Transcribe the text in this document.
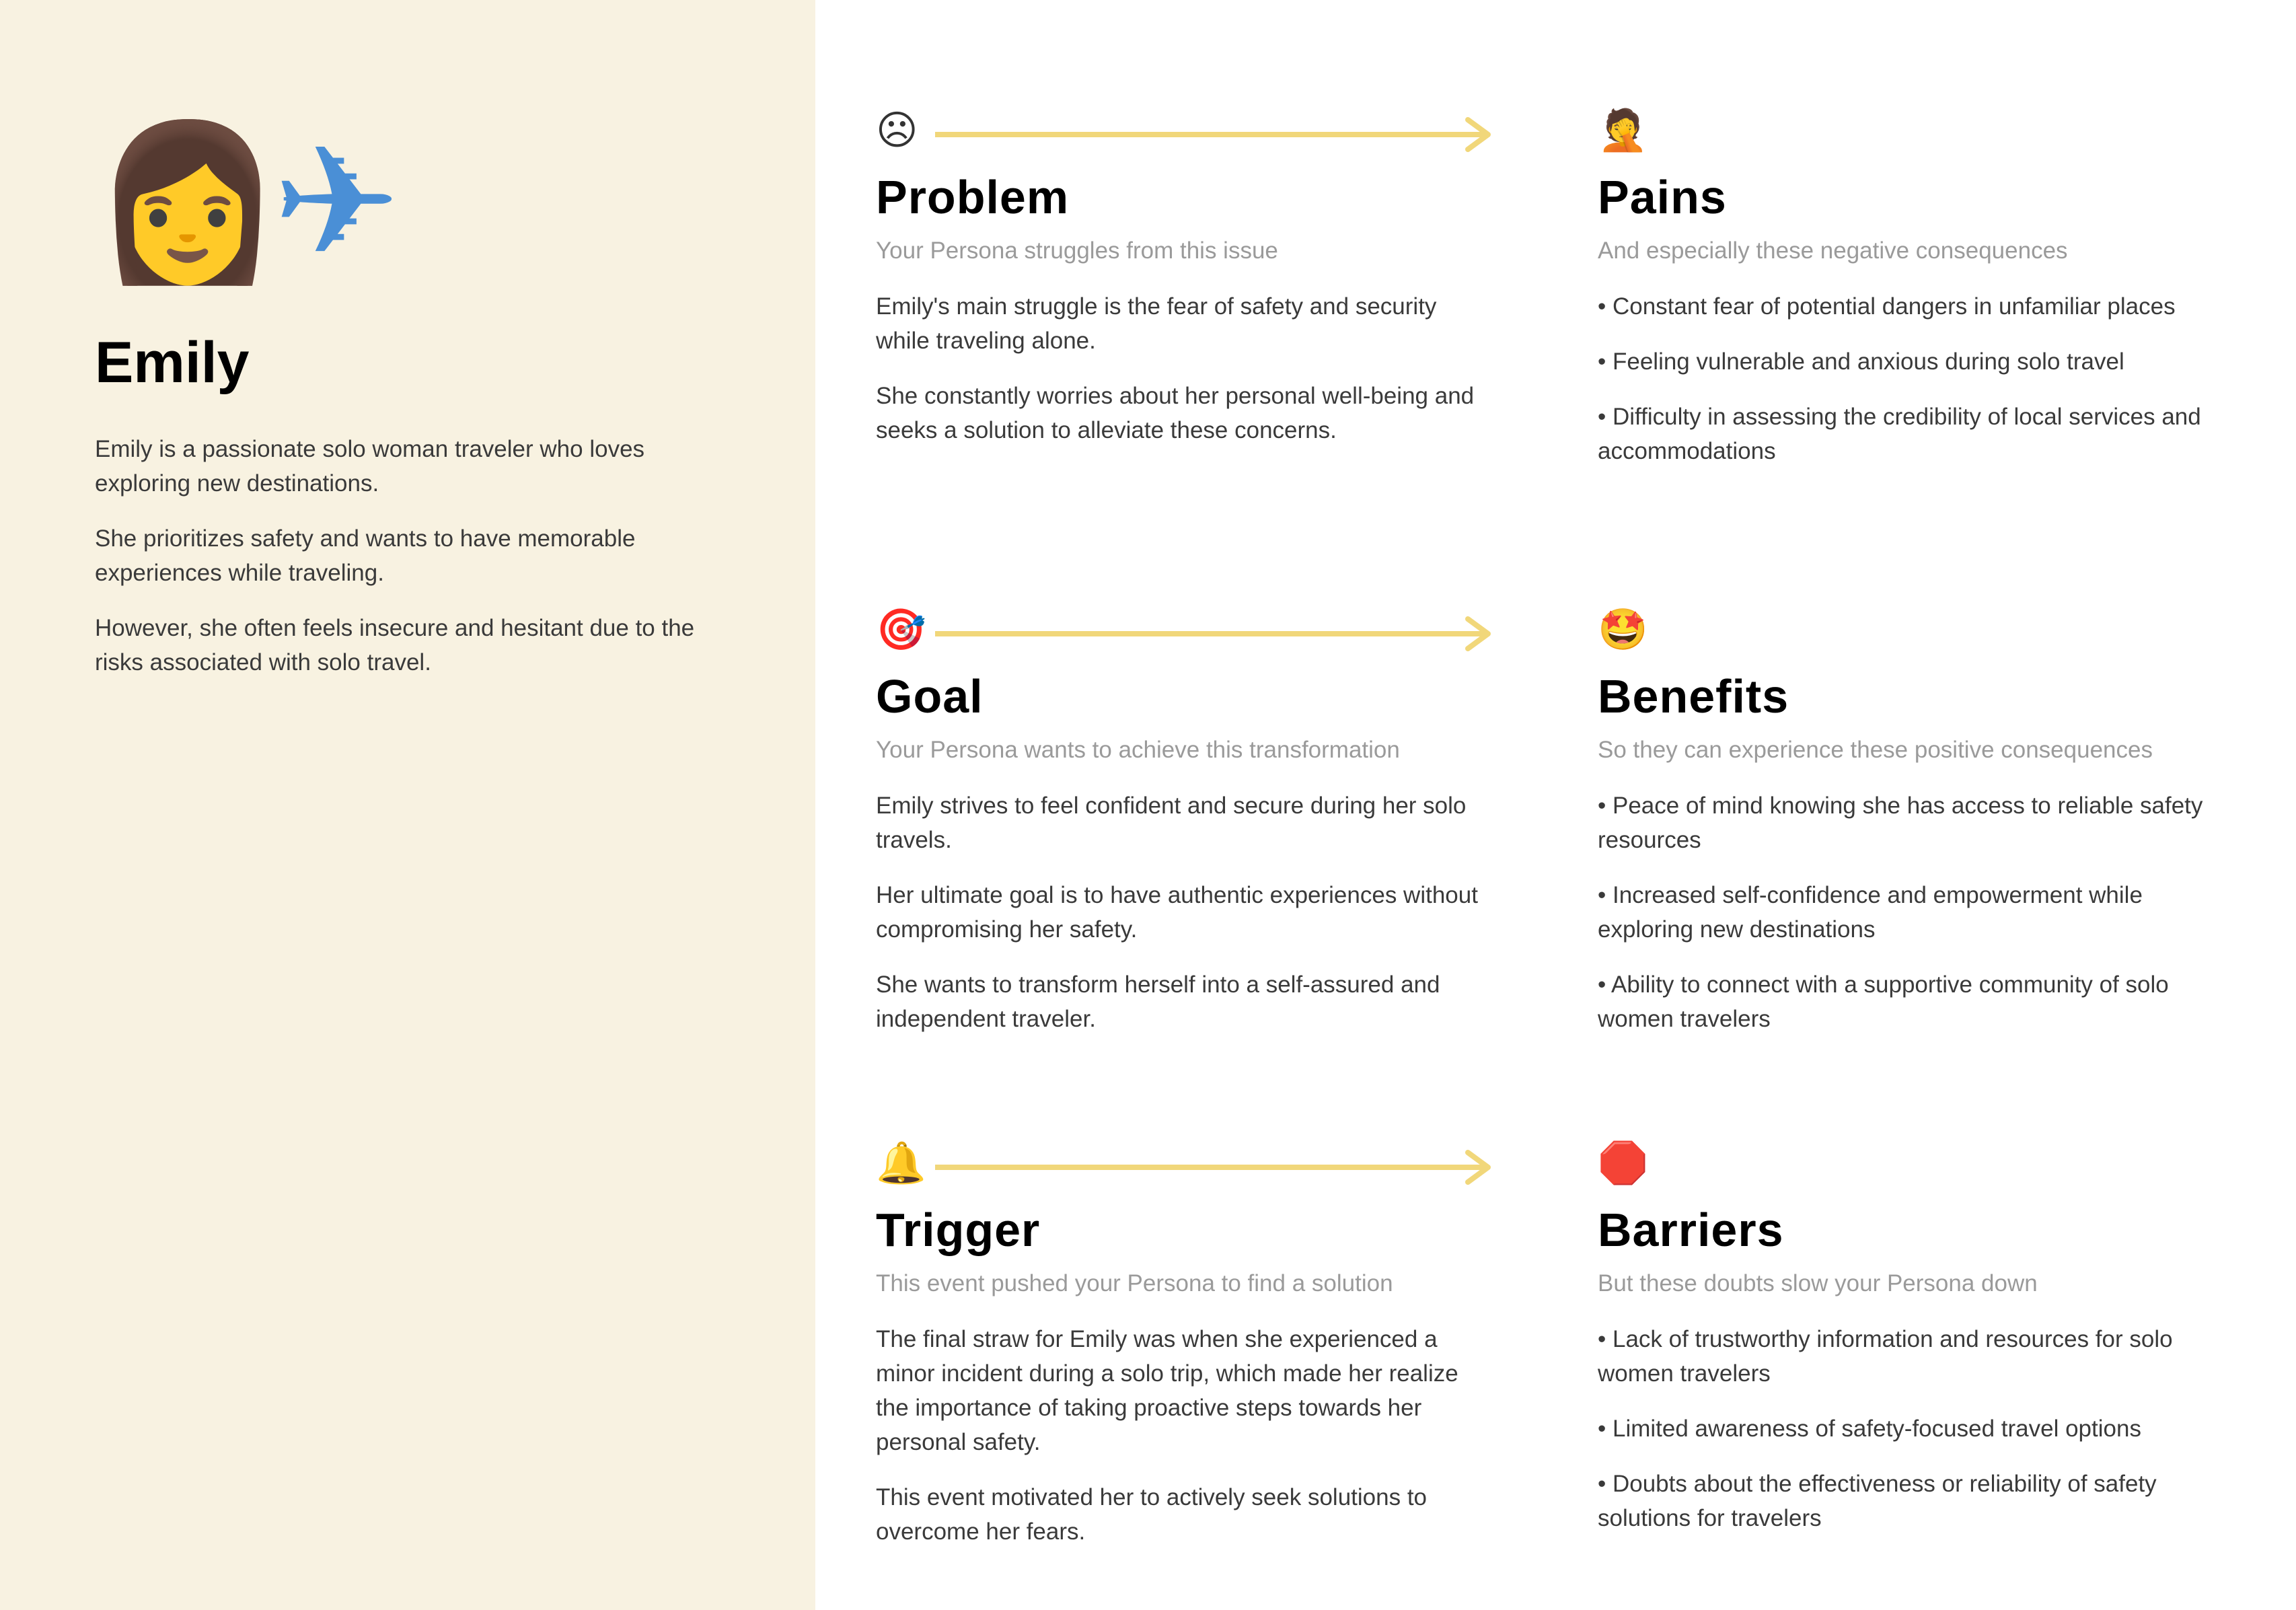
👩
✈
Emily

Emily is a passionate solo woman traveler who loves exploring new destinations.

She prioritizes safety and wants to have memorable experiences while traveling.

However, she often feels insecure and hesitant due to the risks associated with solo travel.

☹
Problem
Your Persona struggles from this issue

Emily's main struggle is the fear of safety and security while traveling alone.

She constantly worries about her personal well-being and seeks a solution to alleviate these concerns.

🤦
Pains
And especially these negative consequences

• Constant fear of potential dangers in unfamiliar places

• Feeling vulnerable and anxious during solo travel

• Difficulty in assessing the credibility of local services and accommodations

🎯
Goal
Your Persona wants to achieve this transformation

Emily strives to feel confident and secure during her solo travels.

Her ultimate goal is to have authentic experiences without compromising her safety.

She wants to transform herself into a self-assured and independent traveler.

🤩
Benefits
So they can experience these positive consequences

• Peace of mind knowing she has access to reliable safety resources

• Increased self-confidence and empowerment while exploring new destinations

• Ability to connect with a supportive community of solo women travelers

🔔
Trigger
This event pushed your Persona to find a solution

The final straw for Emily was when she experienced a minor incident during a solo trip, which made her realize the importance of taking proactive steps towards her personal safety.

This event motivated her to actively seek solutions to overcome her fears.

🛑
Barriers
But these doubts slow your Persona down

• Lack of trustworthy information and resources for solo women travelers

• Limited awareness of safety-focused travel options

• Doubts about the effectiveness or reliability of safety solutions for travelers
